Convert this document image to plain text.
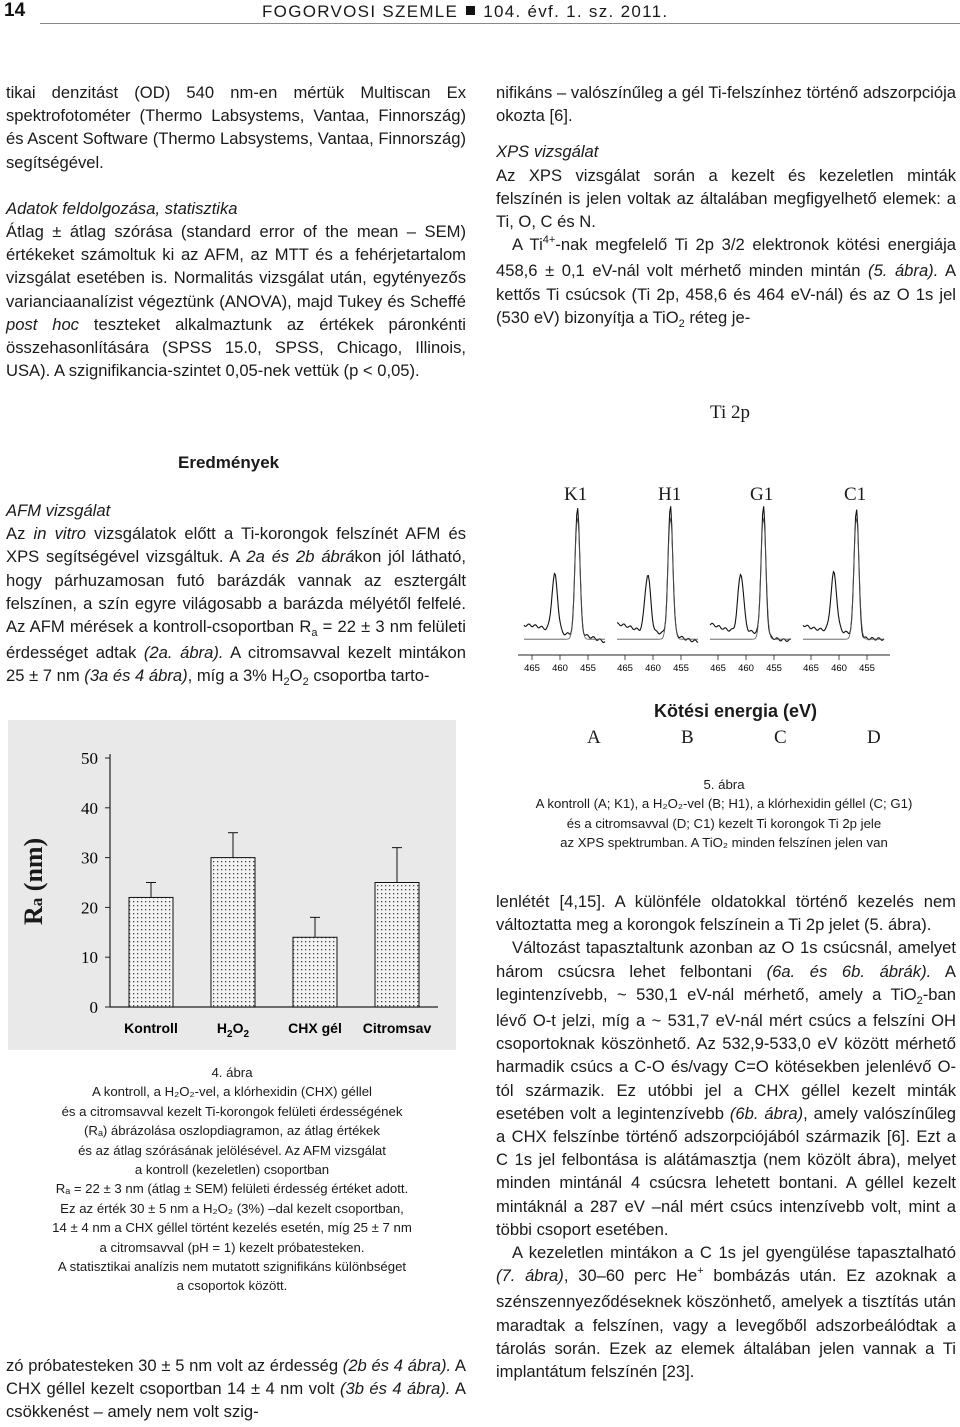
14	FOGORVOSI SZEMLE 104. évf. 1. sz. 2011.

tikai denzitást (OD) 540 nm-en mértük Multiscan Ex spektrofotométer (Thermo Labsystems, Vantaa, Finnország) és Ascent Software (Thermo Labsystems, Vantaa, Finnország) segítségével.

Adatok feldolgozása, statisztika

Átlag ± átlag szórása (standard error of the mean – SEM) értékeket számoltuk ki az AFM, az MTT és a fehérjetartalom vizsgálat esetében is. Normalitás vizsgálat után, egytényezős varianciaanalízist végeztünk (ANOVA), majd Tukey és Scheffé post hoc teszteket alkalmaztunk az értékek páronkénti összehasonlítására (SPSS 15.0, SPSS, Chicago, Illinois, USA). A szignifikancia-szintet 0,05-nek vettük (p < 0,05).

Eredmények

AFM vizsgálat

Az in vitro vizsgálatok előtt a Ti-korongok felszínét AFM és XPS segítségével vizsgáltuk. A 2a és 2b ábrákon jól látható, hogy párhuzamosan futó barázdák vannak az esztergált felszínen, a szín egyre világosabb a barázda mélyétől felfelé. Az AFM mérések a kontroll-csoportban $R_a = 22 \pm 3$ nm felületi érdességet adtak (2a. ábra). A citromsavval kezelt mintákon 25 ± 7 nm (3a és 4 ábra), míg a 3% $H_2O_2$ csoportba tarto-

0
10
20
30
40
50
Kontroll	$H_2O_2$	CHX gél Citromsav
Ra (nm)

4. ábra

A kontroll, a H₂O₂-vel, a klórhexidin (CHX) géllel

és a citromsavval kezelt Ti-korongok felületi érdességének

(Rₐ) ábrázolása oszlopdiagramon, az átlag értékek

és az átlag szórásának jelölésével. Az AFM vizsgálat

a kontroll (kezeletlen) csoportban

Rₐ = 22 ± 3 nm (átlag ± SEM) felületi érdesség értéket adott.

Ez az érték 30 ± 5 nm a H₂O₂ (3%) –dal kezelt csoportban,

14 ± 4 nm a CHX géllel történt kezelés esetén, míg 25 ± 7 nm

a citromsavval (pH = 1) kezelt próbatesteken.

A statisztikai analízis nem mutatott szignifikáns különbséget

a csoportok között.

zó próbatesteken 30 ± 5 nm volt az érdesség (2b és 4 ábra). A CHX géllel kezelt csoportban 14 ± 4 nm volt (3b és 4 ábra). A csökkenést – amely nem volt szig-

nifikáns – valószínűleg a gél Ti-felszínhez történő adszorpciója okozta [6].

XPS vizsgálat

Az XPS vizsgálat során a kezelt és kezeletlen minták felszínén is jelen voltak az általában megfigyelhető elemek: a Ti, O, C és N.

A $Ti^{4+}$-nak megfelelő Ti 2p 3/2 elektronok kötési energiája 458,6 ± 0,1 eV-nál volt mérhető minden mintán (5. ábra). A kettős Ti csúcsok (Ti 2p, 458,6 és 464 eV-nál) és az O 1s jel (530 eV) bizonyítja a TiO$_2$ réteg je-

Ti 2p
465 460 455 465 460 455 465 460 455 465 460 455
K1	H1	G1	C1
Kötési energia (eV)
A	B	C	D

5. ábra

A kontroll (A; K1), a H₂O₂-vel (B; H1), a klórhexidin géllel (C; G1)

és a citromsavval (D; C1) kezelt Ti korongok Ti 2p jele

az XPS spektrumban. A TiO₂ minden felszínen jelen van

lenlétét [4,15]. A különféle oldatokkal történő kezelés nem változtatta meg a korongok felszínein a Ti 2p jelet (5. ábra).

Változást tapasztaltunk azonban az O 1s csúcsnál, amelyet három csúcsra lehet felbontani (6a. és 6b. ábrák). A legintenzívebb, ~ 530,1 eV-nál mérhető, amely a TiO$_2$-ban lévő O-t jelzi, míg a ~ 531,7 eV-nál mért csúcs a felszíni OH csoportoknak köszönhető. Az 532,9-533,0 eV között mérhető harmadik csúcs a C-O és/vagy C=O kötésekben jelenlévő O-tól származik. Ez utóbbi jel a CHX géllel kezelt minták esetében volt a legintenzívebb (6b. ábra), amely valószínűleg a CHX felszínbe történő adszorpciójából származik [6]. Ezt a C 1s jel felbontása is alátámasztja (nem közölt ábra), melyet minden mintánál 4 csúcsra lehetett bontani. A géllel kezelt mintáknál a 287 eV –nál mért csúcs intenzívebb volt, mint a többi csoport esetében.

A kezeletlen mintákon a C 1s jel gyengülése tapasztalható (7. ábra), 30–60 perc He+ bombázás után. Ez azoknak a szénszennyeződéseknek köszönhető, amelyek a tisztítás után maradtak a felszínen, vagy a levegőből adszorbeálódtak a tárolás során. Ezek az elemek általában jelen vannak a Ti implantátum felszínén [23].
